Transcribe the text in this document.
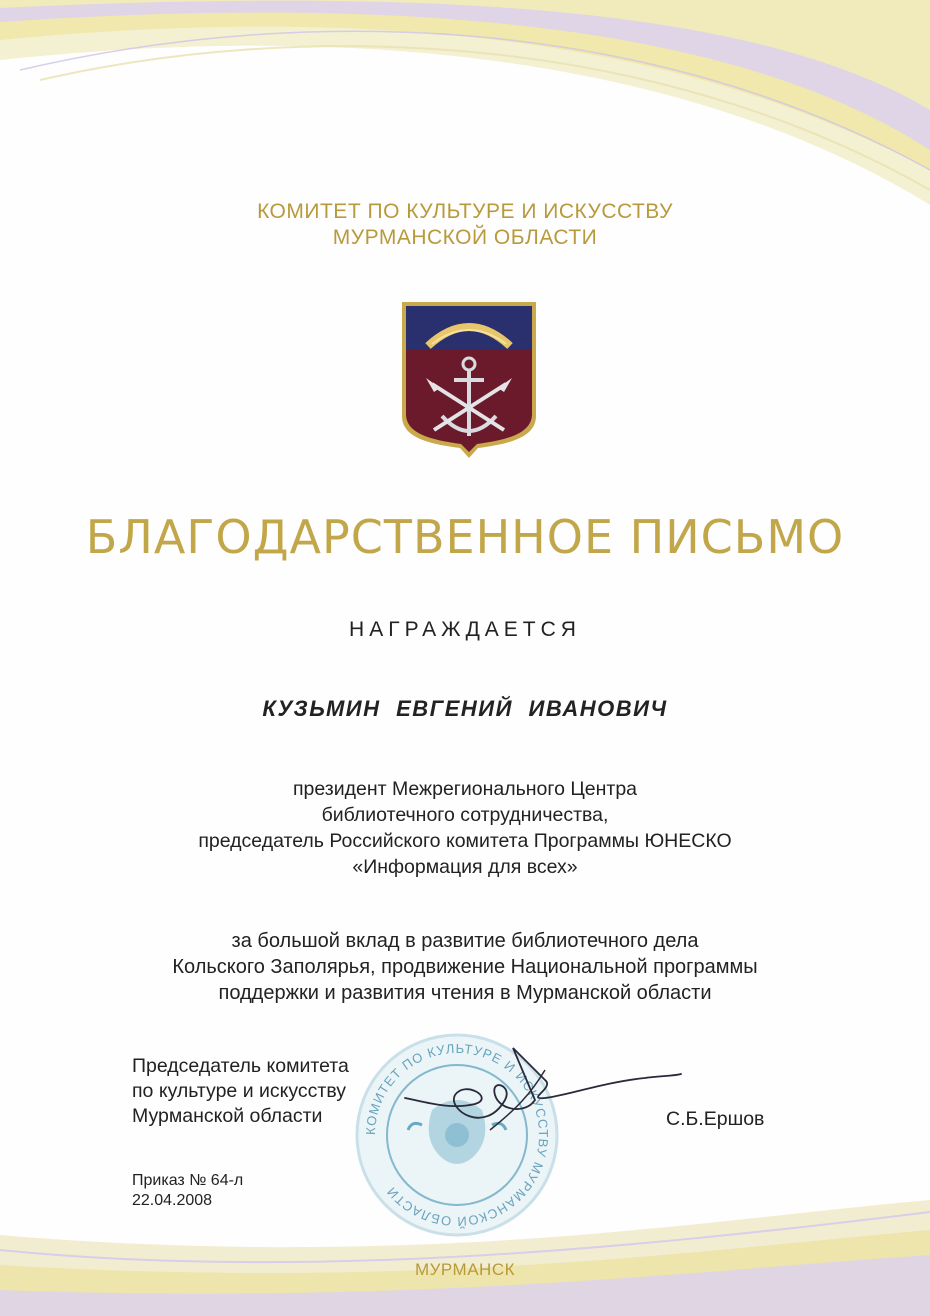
КОМИТЕТ ПО КУЛЬТУРЕ И ИСКУССТВУ
МУРМАНСКОЙ ОБЛАСТИ
БЛАГОДАРСТВЕННОЕ ПИСЬМО
НАГРАЖДАЕТСЯ
КУЗЬМИН ЕВГЕНИЙ ИВАНОВИЧ
президент Межрегионального Центра
библиотечного сотрудничества,
председатель Российского комитета Программы ЮНЕСКО
«Информация для всех»
за большой вклад в развитие библиотечного дела
Кольского Заполярья, продвижение Национальной программы
поддержки и развития чтения в Мурманской области
КОМИТЕТ ПО КУЛЬТУРЕ И ИСКУССТВУ МУРМАНСКОЙ ОБЛАСТИ
Председатель комитета
по культуре и искусству
Мурманской области	С.Б.Ершов
Приказ № 64-л
22.04.2008
МУРМАНСК
